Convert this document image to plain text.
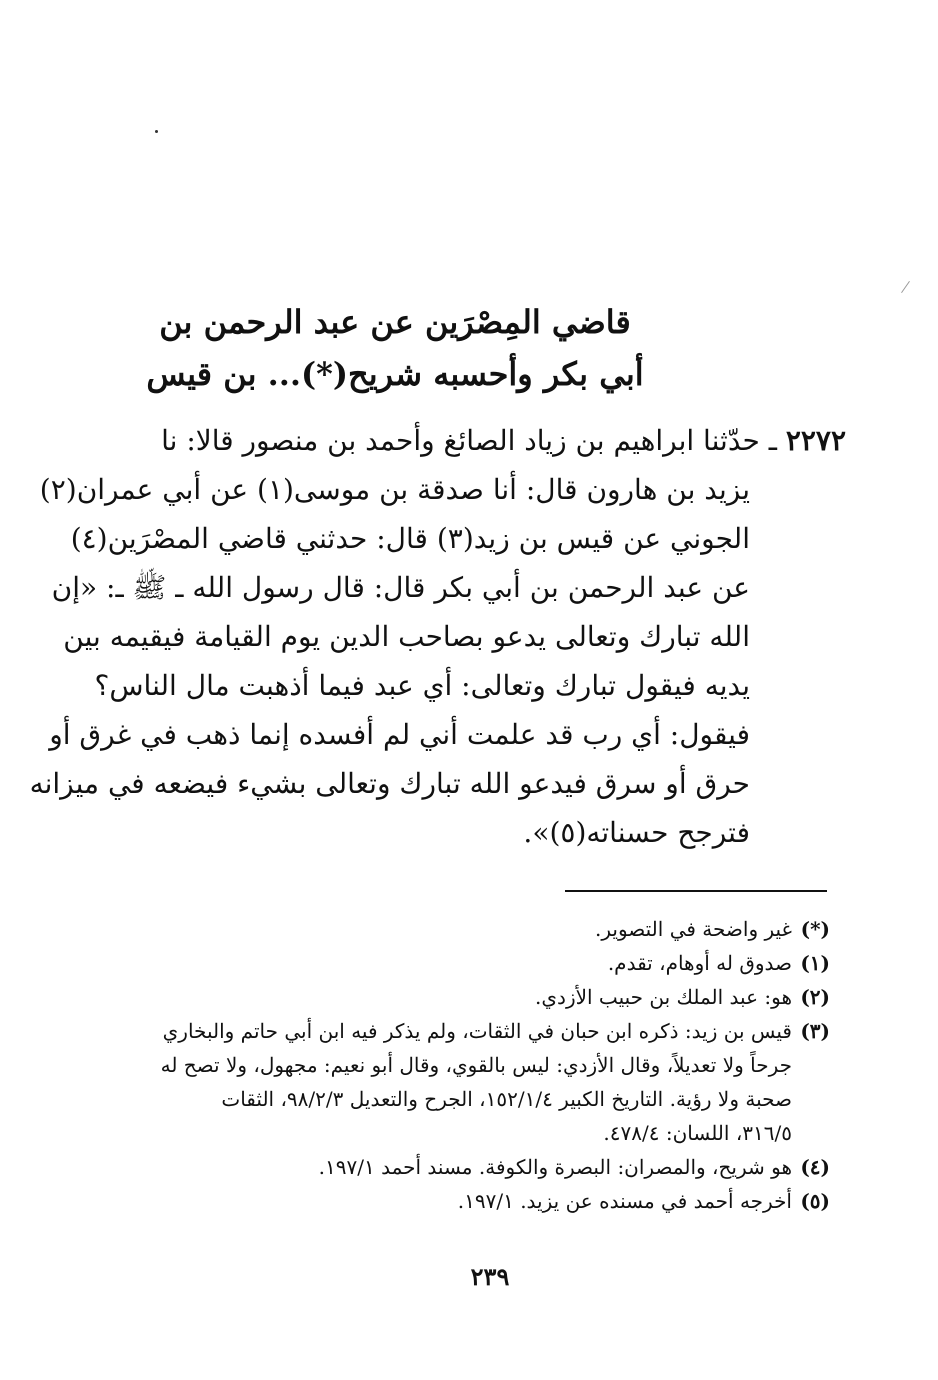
قاضي المِصْرَين عن عبد الرحمن بن
أبي بكر وأحسبه شريح(*)... بن قيس
٢٢٧٢ ـ حدّثنا ابراهيم بن زياد الصائغ وأحمد بن منصور قالا: نا
يزيد بن هارون قال: أنا صدقة بن موسى(١) عن أبي عمران(٢)
الجوني عن قيس بن زيد(٣) قال: حدثني قاضي المصْرَين(٤)
عن عبد الرحمن بن أبي بكر قال: قال رسول الله ـ ﷺ ـ: «إن
الله تبارك وتعالى يدعو بصاحب الدين يوم القيامة فيقيمه بين
يديه فيقول تبارك وتعالى: أي عبد فيما أذهبت مال الناس؟
فيقول: أي رب قد علمت أني لم أفسده إنما ذهب في غرق أو
حرق أو سرق فيدعو الله تبارك وتعالى بشيء فيضعه في ميزانه
فترجح حسناته(٥)».
(*)
غير واضحة في التصوير.
(١)
صدوق له أوهام، تقدم.
(٢)
هو: عبد الملك بن حبيب الأزدي.
(٣)
قيس بن زيد: ذكره ابن حبان في الثقات، ولم يذكر فيه ابن أبي حاتم والبخاري
جرحاً ولا تعديلاً، وقال الأزدي: ليس بالقوي، وقال أبو نعيم: مجهول، ولا تصح له
صحبة ولا رؤية. التاريخ الكبير ١٥٢/١/٤، الجرح والتعديل ٩٨/٢/٣، الثقات
٣١٦/٥، اللسان: ٤٧٨/٤.
(٤)
هو شريح، والمصران: البصرة والكوفة. مسند أحمد ١٩٧/١.
(٥)
أخرجه أحمد في مسنده عن يزيد. ١٩٧/١.
٢٣٩
